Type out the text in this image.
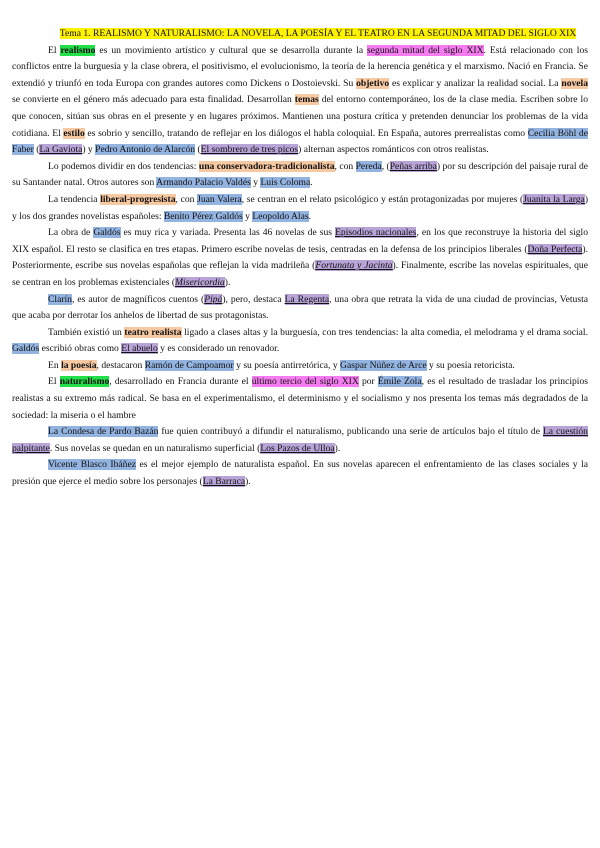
Tema 1. REALISMO Y NATURALISMO: LA NOVELA, LA POESÍA Y EL TEATRO EN LA SEGUNDA MITAD DEL SIGLO XIX

El realismo es un movimiento artístico y cultural que se desarrolla durante la segunda mitad del siglo XIX. Está relacionado con los conflictos entre la burguesía y la clase obrera, el positivismo, el evolucionismo, la teoría de la herencia genética y el marxismo. Nació en Francia. Se extendió y triunfó en toda Europa con grandes autores como Dickens o Dostoievski. Su objetivo es explicar y analizar la realidad social. La novela se convierte en el género más adecuado para esta finalidad. Desarrollan temas del entorno contemporáneo, los de la clase media. Escriben sobre lo que conocen, sitúan sus obras en el presente y en lugares próximos. Mantienen una postura crítica y pretenden denunciar los problemas de la vida cotidiana. El estilo es sobrio y sencillo, tratando de reflejar en los diálogos el habla coloquial. En España, autores prerrealistas como Cecilia Böhl de Faber (La Gaviota) y Pedro Antonio de Alarcón (El sombrero de tres picos) alternan aspectos románticos con otros realistas.

Lo podemos dividir en dos tendencias: una conservadora-tradicionalista, con Pereda, (Peñas arriba) por su descripción del paisaje rural de su Santander natal. Otros autores son Armando Palacio Valdés y Luis Coloma.

La tendencia liberal-progresista, con Juan Valera, se centran en el relato psicológico y están protagonizadas por mujeres (Juanita la Larga) y los dos grandes novelistas españoles: Benito Pérez Galdós y Leopoldo Alas.

La obra de Galdós es muy rica y variada. Presenta las 46 novelas de sus Episodios nacionales, en los que reconstruye la historia del siglo XIX español. El resto se clasifica en tres etapas. Primero escribe novelas de tesis, centradas en la defensa de los principios liberales (Doña Perfecta). Posteriormente, escribe sus novelas españolas que reflejan la vida madrileña (Fortunata y Jacinta). Finalmente, escribe las novelas espirituales, que se centran en los problemas existenciales (Misericordia).

Clarín, es autor de magníficos cuentos (Pipá), pero, destaca La Regenta, una obra que retrata la vida de una ciudad de provincias, Vetusta que acaba por derrotar los anhelos de libertad de sus protagonistas.

También existió un teatro realista ligado a clases altas y la burguesía, con tres tendencias: la alta comedia, el melodrama y el drama social. Galdós escribió obras como El abuelo y es considerado un renovador.

En la poesía, destacaron Ramón de Campoamor y su poesía antirretórica, y Gaspar Núñez de Arce y su poesía retoricista.

El naturalismo, desarrollado en Francia durante el último tercio del siglo XIX por Émile Zola, es el resultado de trasladar los principios realistas a su extremo más radical. Se basa en el experimentalismo, el determinismo y el socialismo y nos presenta los temas más degradados de la sociedad: la miseria o el hambre

La Condesa de Pardo Bazán fue quien contribuyó a difundir el naturalismo, publicando una serie de artículos bajo el título de La cuestión palpitante. Sus novelas se quedan en un naturalismo superficial (Los Pazos de Ulloa).

Vicente Blasco Ibáñez es el mejor ejemplo de naturalista español. En sus novelas aparecen el enfrentamiento de las clases sociales y la presión que ejerce el medio sobre los personajes (La Barraca).
